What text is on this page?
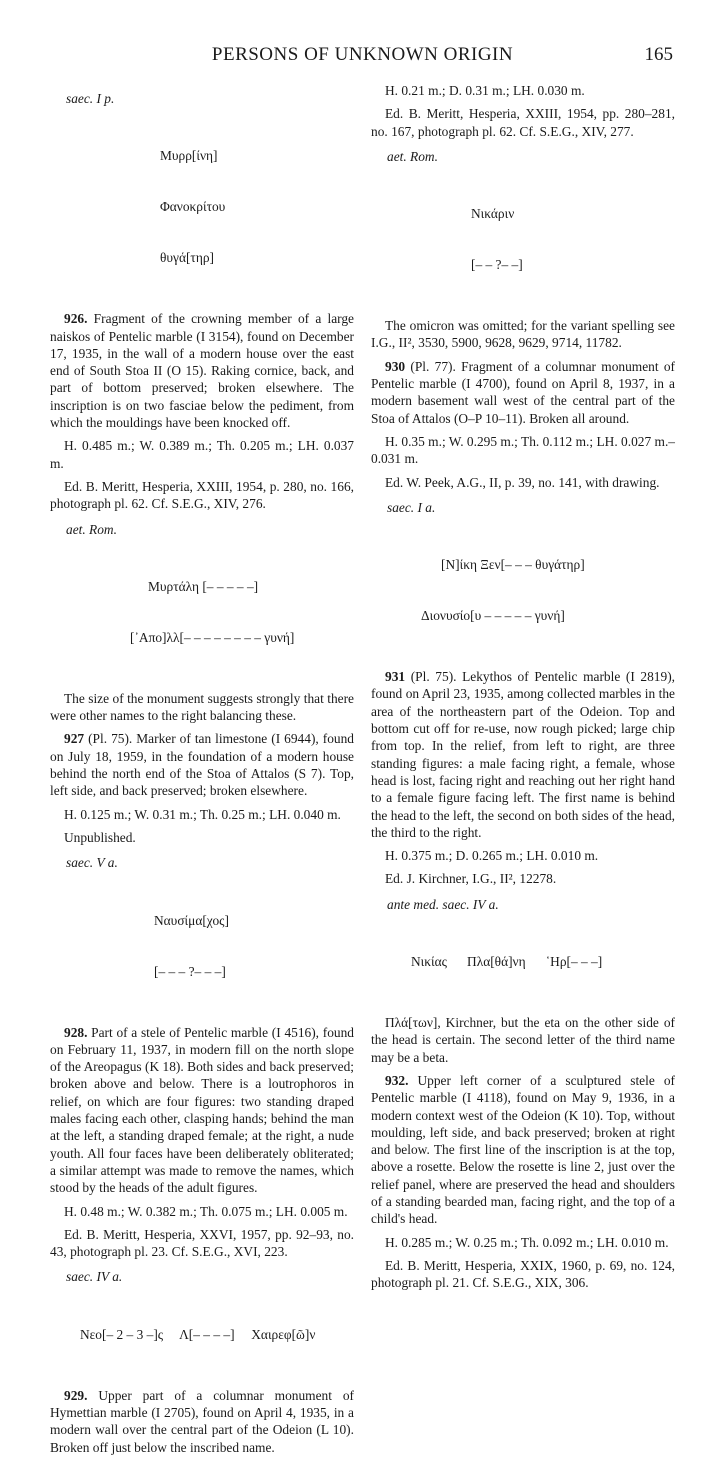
PERSONS OF UNKNOWN ORIGIN	165
saec. I p.

Μυρρ[ίνη]

Φανοκρίτου

θυγά[τηρ]

926. Fragment of the crowning member of a large naiskos of Pentelic marble (I 3154), found on December 17, 1935, in the wall of a modern house over the east end of South Stoa II (O 15). Raking cornice, back, and part of bottom preserved; broken elsewhere. The inscription is on two fasciae below the pediment, from which the mouldings have been knocked off.

H. 0.485 m.; W. 0.389 m.; Th. 0.205 m.; LH. 0.037 m.

Ed. B. Meritt, Hesperia, XXIII, 1954, p. 280, no. 166, photograph pl. 62. Cf. S.E.G., XIV, 276.

aet. Rom.

Μυρτάλη [– – – – –]

[᾿Απο]λλ[– – – – – – – – γυνή]

The size of the monument suggests strongly that there were other names to the right balancing these.

927 (Pl. 75). Marker of tan limestone (I 6944), found on July 18, 1959, in the foundation of a modern house behind the north end of the Stoa of Attalos (S 7). Top, left side, and back preserved; broken elsewhere.

H. 0.125 m.; W. 0.31 m.; Th. 0.25 m.; LH. 0.040 m.

Unpublished.

saec. V a.

Ναυσίμα[χος]

[– – – ?– – –]

928. Part of a stele of Pentelic marble (I 4516), found on February 11, 1937, in modern fill on the north slope of the Areopagus (K 18). Both sides and back preserved; broken above and below. There is a loutrophoros in relief, on which are four figures: two standing draped males facing each other, clasping hands; behind the man at the left, a standing draped female; at the right, a nude youth. All four faces have been deliberately obliterated; a similar attempt was made to remove the names, which stood by the heads of the adult figures.

H. 0.48 m.; W. 0.382 m.; Th. 0.075 m.; LH. 0.005 m.

Ed. B. Meritt, Hesperia, XXVI, 1957, pp. 92–93, no. 43, photograph pl. 23. Cf. S.E.G., XVI, 223.

saec. IV a.

Νεο[– 2 – 3 –]ς     Λ[– – – –]     Χαιρεφ[ῶ]ν

929. Upper part of a columnar monument of Hymettian marble (I 2705), found on April 4, 1935, in a modern wall over the central part of the Odeion (L 10). Broken off just below the inscribed name.

H. 0.21 m.; D. 0.31 m.; LH. 0.030 m.

Ed. B. Meritt, Hesperia, XXIII, 1954, pp. 280–281, no. 167, photograph pl. 62. Cf. S.E.G., XIV, 277.

aet. Rom.

Νικάριν

[– – ?– –]

The omicron was omitted; for the variant spelling see I.G., II², 3530, 5900, 9628, 9629, 9714, 11782.

930 (Pl. 77). Fragment of a columnar monument of Pentelic marble (I 4700), found on April 8, 1937, in a modern basement wall west of the central part of the Stoa of Attalos (O–P 10–11). Broken all around.

H. 0.35 m.; W. 0.295 m.; Th. 0.112 m.; LH. 0.027 m.–0.031 m.

Ed. W. Peek, A.G., II, p. 39, no. 141, with drawing.

saec. I a.

[Ν]ίκη Ξεν[– – – θυγάτηρ]

Διονυσίο[υ – – – – – γυνή]

931 (Pl. 75). Lekythos of Pentelic marble (I 2819), found on April 23, 1935, among collected marbles in the area of the northeastern part of the Odeion. Top and bottom cut off for re-use, now rough picked; large chip from top. In the relief, from left to right, are three standing figures: a male facing right, a female, whose head is lost, facing right and reaching out her right hand to a female figure facing left. The first name is behind the head to the left, the second on both sides of the head, the third to the right.

H. 0.375 m.; D. 0.265 m.; LH. 0.010 m.

Ed. J. Kirchner, I.G., II², 12278.

ante med. saec. IV a.

Νικίας      Πλα[θά]νη      ῾Ηρ[– – –]

Πλά[των], Kirchner, but the eta on the other side of the head is certain. The second letter of the third name may be a beta.

932. Upper left corner of a sculptured stele of Pentelic marble (I 4118), found on May 9, 1936, in a modern context west of the Odeion (K 10). Top, without moulding, left side, and back preserved; broken at right and below. The first line of the inscription is at the top, above a rosette. Below the rosette is line 2, just over the relief panel, where are preserved the head and shoulders of a standing bearded man, facing right, and the top of a child's head.

H. 0.285 m.; W. 0.25 m.; Th. 0.092 m.; LH. 0.010 m.

Ed. B. Meritt, Hesperia, XXIX, 1960, p. 69, no. 124, photograph pl. 21. Cf. S.E.G., XIX, 306.
